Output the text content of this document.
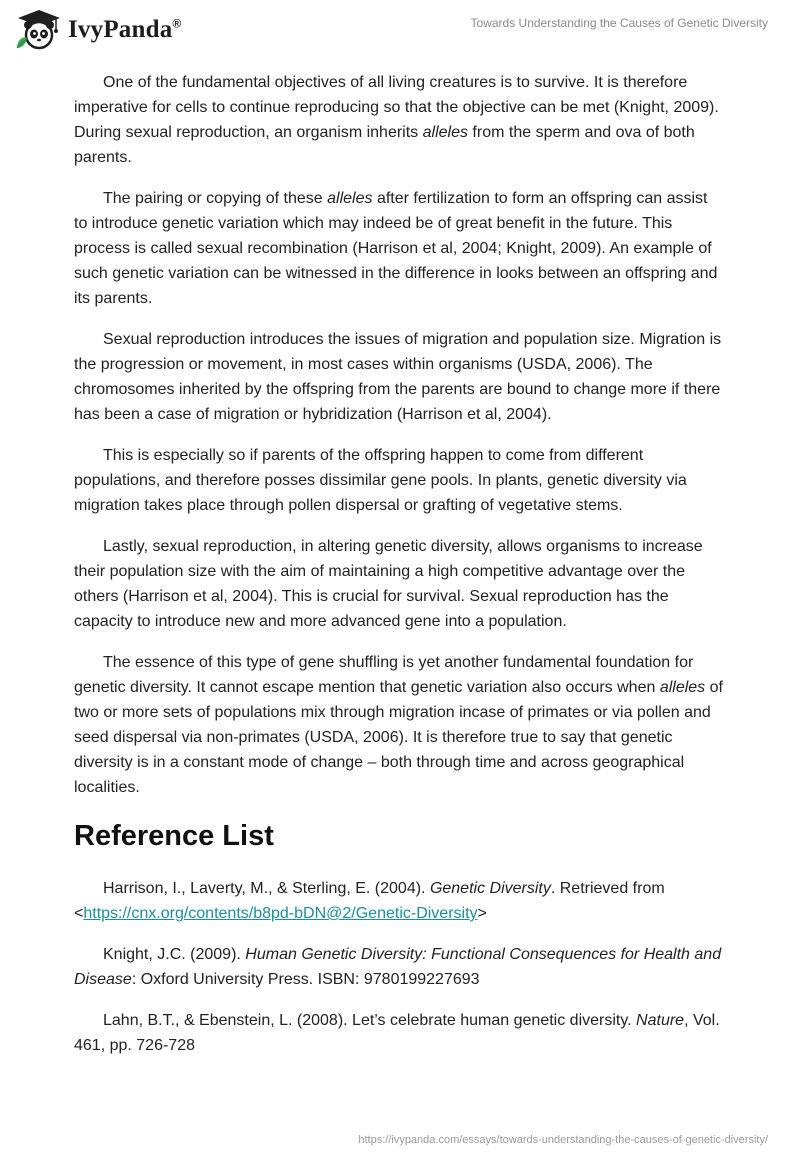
IvyPanda®	Towards Understanding the Causes of Genetic Diversity

One of the fundamental objectives of all living creatures is to survive. It is therefore imperative for cells to continue reproducing so that the objective can be met (Knight, 2009). During sexual reproduction, an organism inherits alleles from the sperm and ova of both parents.

The pairing or copying of these alleles after fertilization to form an offspring can assist to introduce genetic variation which may indeed be of great benefit in the future. This process is called sexual recombination (Harrison et al, 2004; Knight, 2009). An example of such genetic variation can be witnessed in the difference in looks between an offspring and its parents.

Sexual reproduction introduces the issues of migration and population size. Migration is the progression or movement, in most cases within organisms (USDA, 2006). The chromosomes inherited by the offspring from the parents are bound to change more if there has been a case of migration or hybridization (Harrison et al, 2004).

This is especially so if parents of the offspring happen to come from different populations, and therefore posses dissimilar gene pools. In plants, genetic diversity via migration takes place through pollen dispersal or grafting of vegetative stems.

Lastly, sexual reproduction, in altering genetic diversity, allows organisms to increase their population size with the aim of maintaining a high competitive advantage over the others (Harrison et al, 2004). This is crucial for survival. Sexual reproduction has the capacity to introduce new and more advanced gene into a population.

The essence of this type of gene shuffling is yet another fundamental foundation for genetic diversity. It cannot escape mention that genetic variation also occurs when alleles of two or more sets of populations mix through migration incase of primates or via pollen and seed dispersal via non-primates (USDA, 2006). It is therefore true to say that genetic diversity is in a constant mode of change – both through time and across geographical localities.

Reference List

Harrison, I., Laverty, M., & Sterling, E. (2004). Genetic Diversity. Retrieved from <https://cnx.org/contents/b8pd-bDN@2/Genetic-Diversity>

Knight, J.C. (2009). Human Genetic Diversity: Functional Consequences for Health and Disease: Oxford University Press. ISBN: 9780199227693

Lahn, B.T., & Ebenstein, L. (2008). Let’s celebrate human genetic diversity. Nature, Vol. 461, pp. 726-728

https://ivypanda.com/essays/towards-understanding-the-causes-of-genetic-diversity/
